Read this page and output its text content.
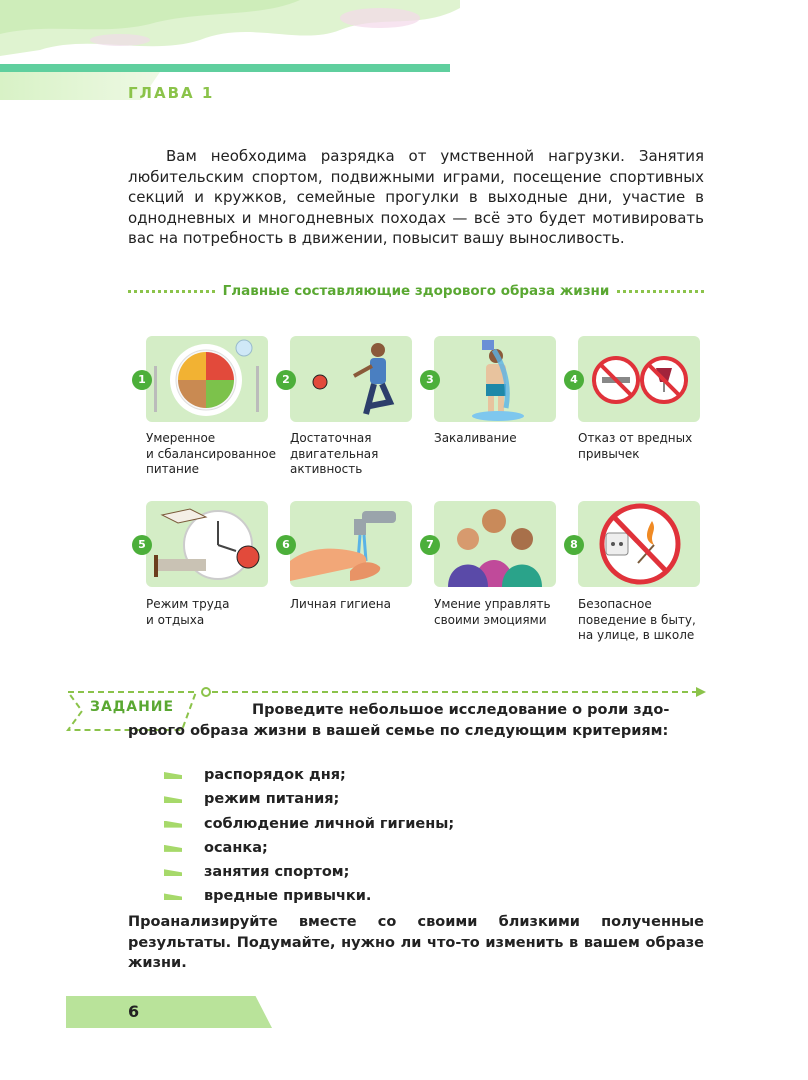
ГЛАВА 1

Вам необходима разрядка от умственной нагрузки. Занятия любительским спортом, подвижными играми, посещение спортивных секций и кружков, семейные прогулки в выходные дни, участие в однодневных и многодневных походах — всё это будет мотивировать вас на потребность в движении, повысит вашу выносливость.

Главные составляющие здорового образа жизни
1
Умеренное
и сбалансированное
питание
2
Достаточная
двигательная
активность
3
Закаливание
4
Отказ от вредных
привычек
5
Режим труда
и отдыха
6
Личная гигиена
7
Умение управлять
своими эмоциями
8
Безопасное
поведение в быту,
на улице, в школе
ЗАДАНИЕ	Проведите небольшое исследование о роли здо-
рового образа жизни в вашей семье по следующим критериям:
распорядок дня;
режим питания;
соблюдение личной гигиены;
осанка;
занятия спортом;
вредные привычки.
Проанализируйте вместе со своими близкими полученные результаты. Подумайте, нужно ли что-то изменить в вашем образе жизни.
6
